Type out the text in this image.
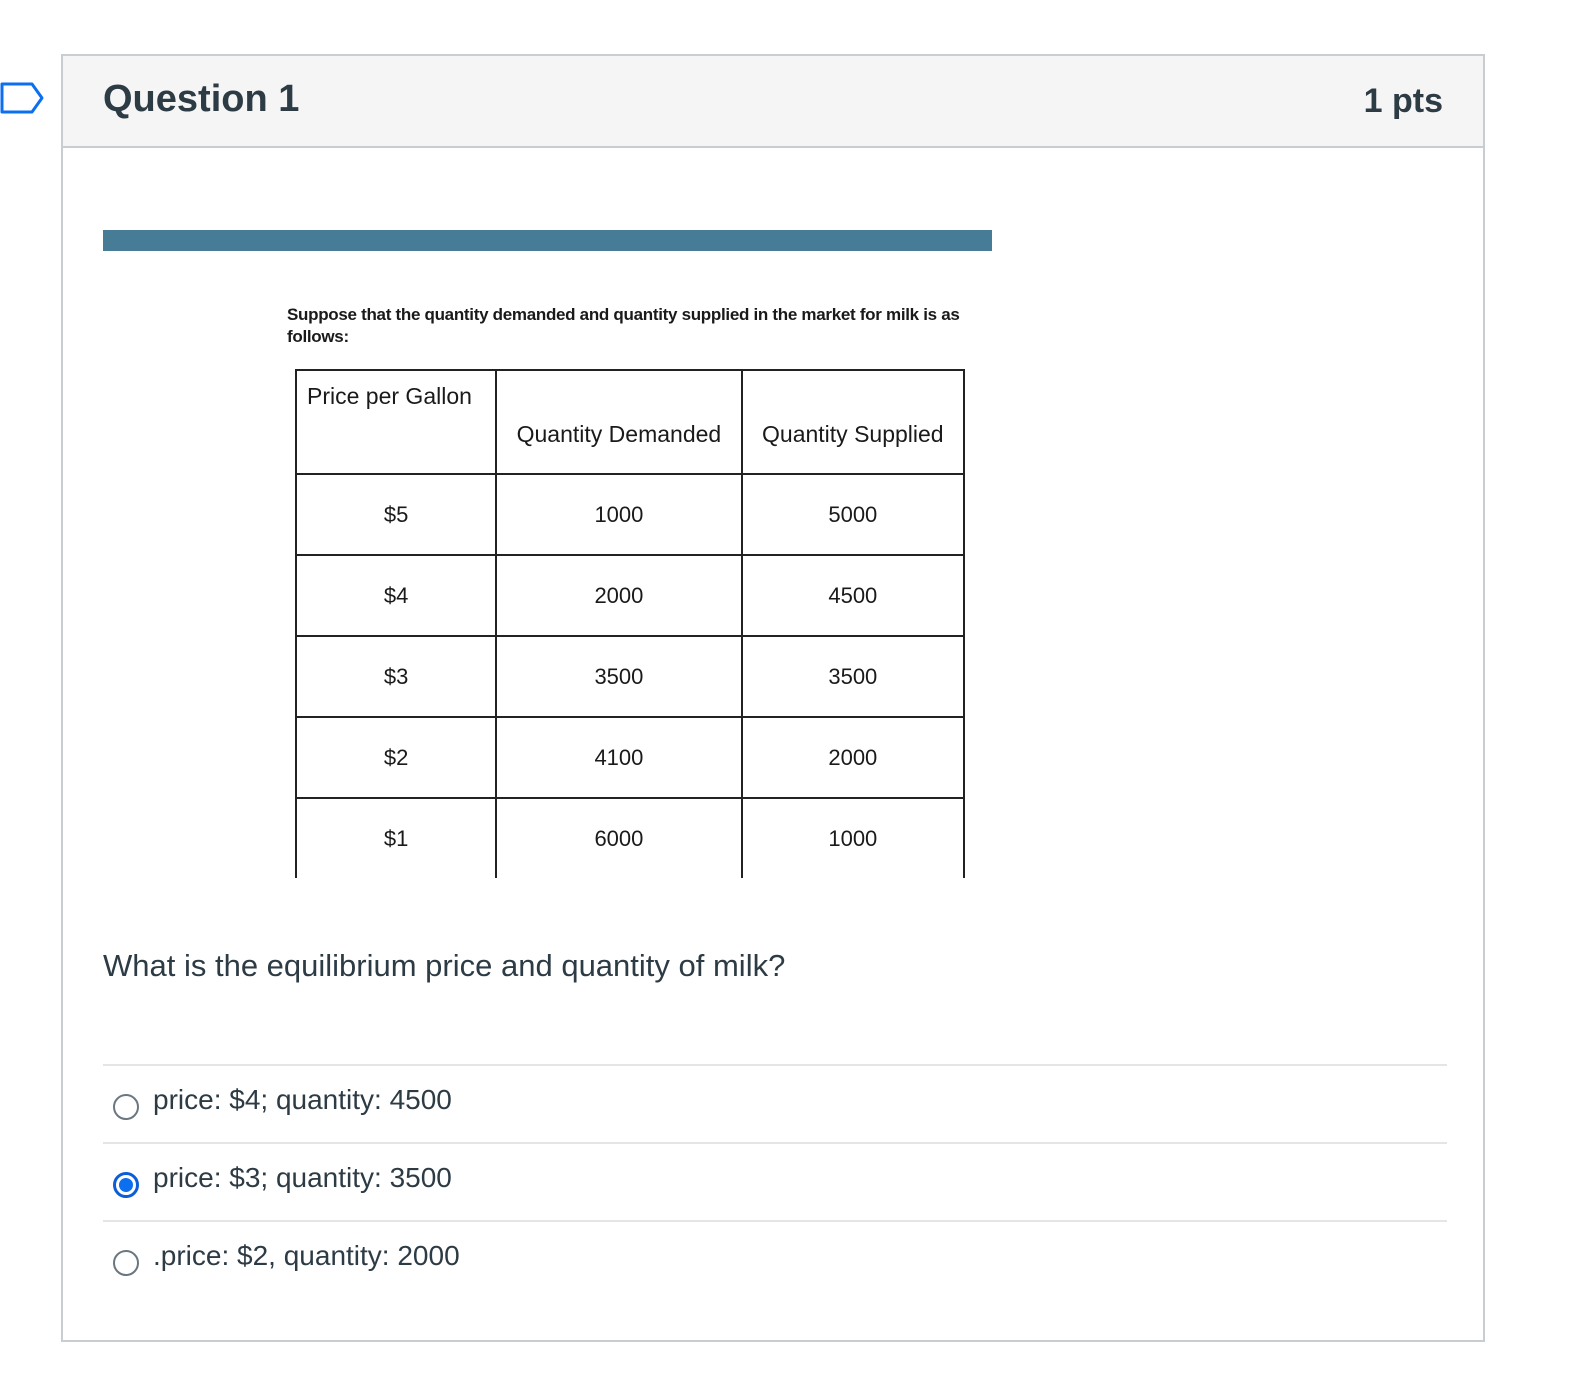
Question 1	1 pts
Suppose that the quantity demanded and quantity supplied in the market for milk is as follows:
Price per Gallon	Quantity Demanded	Quantity Supplied
$5	1000	5000
$4	2000	4500
$3	3500	3500
$2	4100	2000
$1	6000	1000
What is the equilibrium price and quantity of milk?
price: $4; quantity: 4500
price: $3; quantity: 3500
.price: $2, quantity: 2000
